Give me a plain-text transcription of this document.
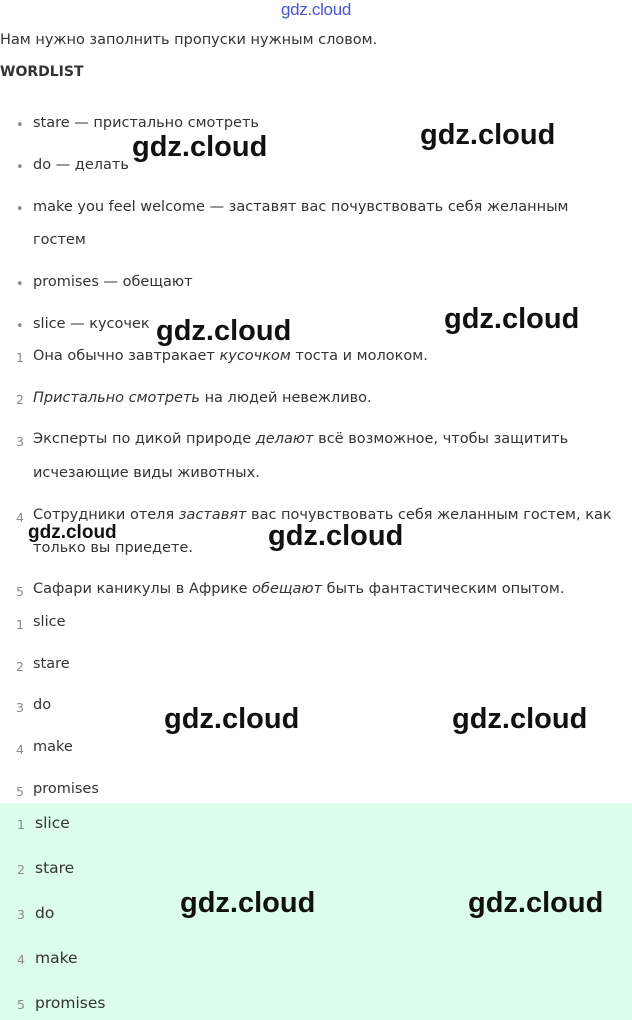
gdz.cloud
Нам нужно заполнить пропуски нужным словом.
WORDLIST
• stare — пристально смотреть
• do — делать
• make you feel welcome — заставят вас почувствовать себя желанным
гостем
• promises — обещают
• slice — кусочек
1 Она обычно завтракает кусочком тоста и молоком.
2 Пристально смотреть на людей невежливо.
3 Эксперты по дикой природе делают всё возможное, чтобы защитить
исчезающие виды животных.
4 Сотрудники отеля заставят вас почувствовать себя желанным гостем, как
только вы приедете.
5 Сафари каникулы в Африке обещают быть фантастическим опытом.
1 slice
2 stare
3 do
4 make
5 promises
1 slice
2 stare
3 do
4 make
5 promises
gdz.cloud
gdz.cloud
gdz.cloud
gdz.cloud
gdz.cloud	gdz.cloud
gdz.cloud	gdz.cloud
gdz.cloud	gdz.cloud
